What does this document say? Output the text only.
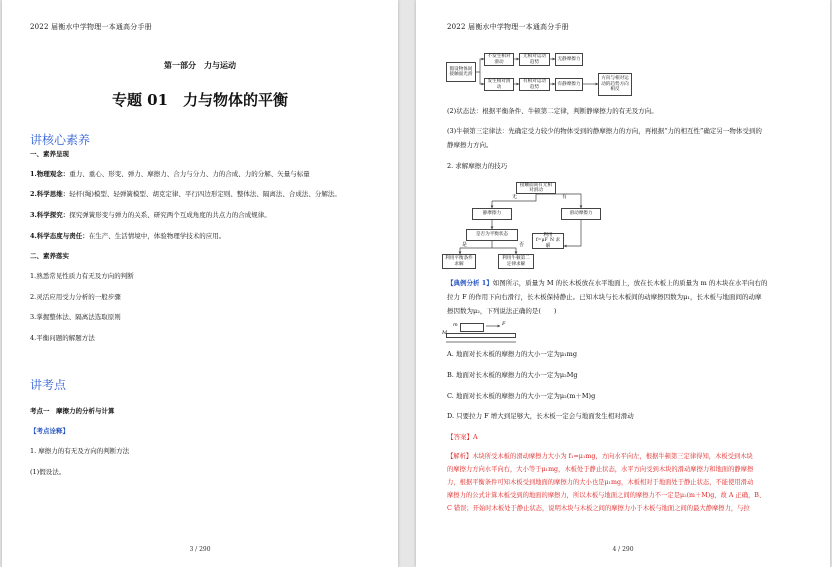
2022 届衡水中学物理一本通高分手册
第一部分　力与运动
专题 01　力与物体的平衡
讲核心素养
一、素养呈现
1.物理观念：重力、重心、形变、弹力、摩擦力、合力与分力、力的合成、力的分解、矢量与标量
2.科学思维：轻杆(绳)模型、轻弹簧模型、胡克定律、平行四边形定则、整体法、隔离法、合成法、分解法。
3.科学探究：探究弹簧形变与弹力的关系、研究两个互成角度的共点力的合成规律。
4.科学态度与责任：在生产、生活情境中，体验物理学技术的应用。
二、素养落实
1.熟悉常见性质力有无及方向的判断
2.灵活应用受力分析的一般步骤
3.掌握整体法、隔离法选取原则
4.平衡问题的解题方法
讲考点
考点一　摩擦力的分析与计算
【考点诠释】
1. 摩擦力的有无及方向的判断方法
(1)假设法。
3 / 290
2022 届衡水中学物理一本通高分手册
假设物体间接触面光滑
不发生相对滑动
无相对运动趋势
无静摩擦力
发生相对滑动
有相对运动趋势
有静摩擦力
方向与相对运动的趋势方向相反
(2)状态法：根据平衡条件、牛顿第二定律，判断静摩擦力的有无及方向。
(3)牛顿第三定律法：先确定受力较少的物体受到的静摩擦力的方向，再根据“力的相互性”确定另一物体受到的
静摩擦力方向。
2. 求解摩擦力的技巧
接触面间有无相对滑动
无	有
静摩擦力	滑动摩擦力
是否为平衡状态	利用 f=μF_N 求解
是	否
利用平衡条件求解
利用牛顿第二定律求解
【典例分析 1】如图所示，质量为 M 的长木板放在水平地面上，放在长木板上的质量为 m 的木块在水平向右的
拉力 F 的作用下向右滑行，长木板保持静止。已知木块与长木板间的动摩擦因数为μ₁，长木板与地面间的动摩
擦因数为μ₂，下列说法正确的是(　　)
m	F
M
A. 地面对长木板的摩擦力的大小一定为μ₁mg
B. 地面对长木板的摩擦力的大小一定为μ₂Mg
C. 地面对长木板的摩擦力的大小一定为μ₂(m＋M)g
D. 只要拉力 F 增大到足够大，长木板一定会与地面发生相对滑动
【答案】A
【解析】木块所受木板的滑动摩擦力大小为 f₁=μ₁mg，方向水平向左，根据牛顿第三定律得知，木板受到木块
的摩擦力方向水平向右，大小等于μ₁mg，木板处于静止状态，水平方向受到木块的滑动摩擦力和地面的静摩擦
力，根据平衡条件可知木板受到地面的摩擦力的大小也是μ₁mg，木板相对于地面处于静止状态，不能使用滑动
摩擦力的公式计算木板受到的地面的摩擦力，所以木板与地面之间的摩擦力不一定是μ₂(m＋M)g，故 A 正确，B、
C 错误；开始时木板处于静止状态，说明木块与木板之间的摩擦力小于木板与地面之间的最大静摩擦力，与拉
4 / 290
